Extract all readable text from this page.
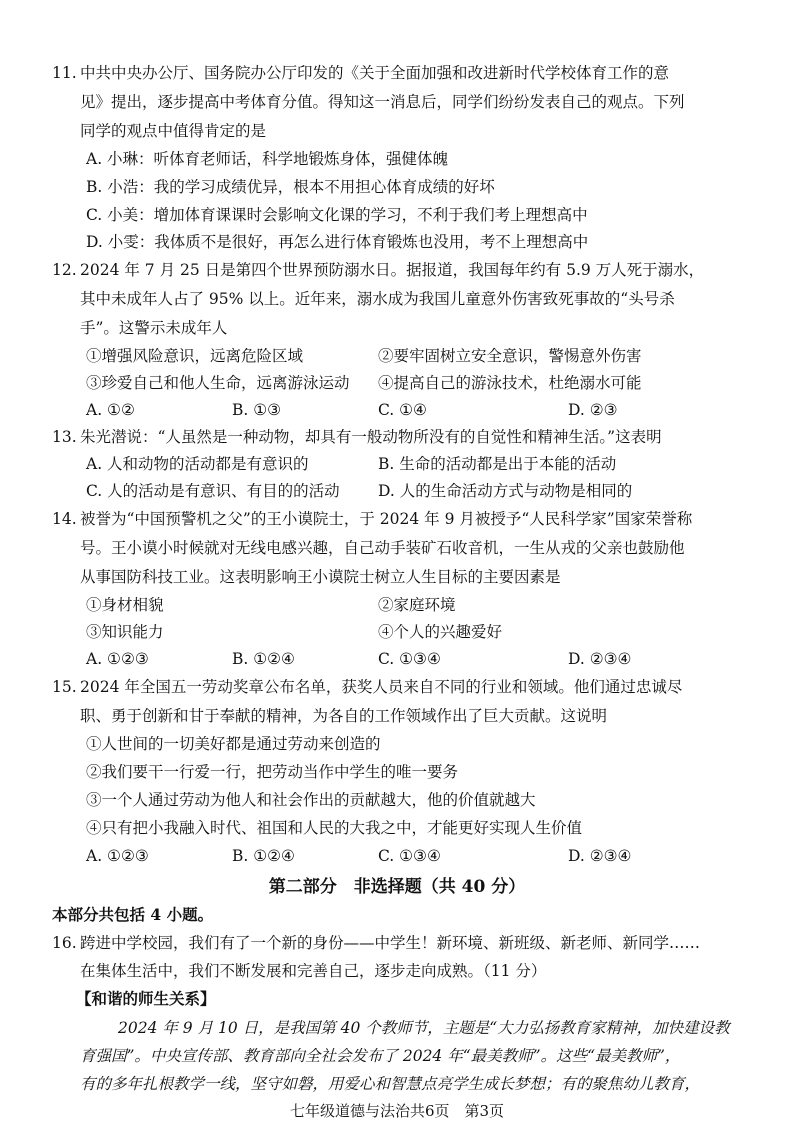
11. 中共中央办公厅、国务院办公厅印发的《关于全面加强和改进新时代学校体育工作的意
见》提出，逐步提高中考体育分值。得知这一消息后，同学们纷纷发表自己的观点。下列
同学的观点中值得肯定的是
A. 小琳：听体育老师话，科学地锻炼身体，强健体魄
B. 小浩：我的学习成绩优异，根本不用担心体育成绩的好坏
C. 小美：增加体育课课时会影响文化课的学习，不利于我们考上理想高中
D. 小雯：我体质不是很好，再怎么进行体育锻炼也没用，考不上理想高中
12. 2024 年 7 月 25 日是第四个世界预防溺水日。据报道，我国每年约有 5.9 万人死于溺水，
其中未成年人占了 95% 以上。近年来，溺水成为我国儿童意外伤害致死事故的“头号杀
手”。这警示未成年人
①增强风险意识，远离危险区域	②要牢固树立安全意识，警惕意外伤害
③珍爱自己和他人生命，远离游泳运动 ④提高自己的游泳技术，杜绝溺水可能
A. ①②	B. ①③	C. ①④	D. ②③
13. 朱光潜说：“人虽然是一种动物，却具有一般动物所没有的自觉性和精神生活。”这表明
A. 人和动物的活动都是有意识的	B. 生命的活动都是出于本能的活动
C. 人的活动是有意识、有目的的活动 D. 人的生命活动方式与动物是相同的
14. 被誉为“中国预警机之父”的王小谟院士，于 2024 年 9 月被授予“人民科学家”国家荣誉称
号。王小谟小时候就对无线电感兴趣，自己动手装矿石收音机，一生从戎的父亲也鼓励他
从事国防科技工业。这表明影响王小谟院士树立人生目标的主要因素是
①身材相貌	②家庭环境
③知识能力	④个人的兴趣爱好
A. ①②③	B. ①②④	C. ①③④	D. ②③④
15. 2024 年全国五一劳动奖章公布名单，获奖人员来自不同的行业和领域。他们通过忠诚尽
职、勇于创新和甘于奉献的精神，为各自的工作领域作出了巨大贡献。这说明
①人世间的一切美好都是通过劳动来创造的
②我们要干一行爱一行，把劳动当作中学生的唯一要务
③一个人通过劳动为他人和社会作出的贡献越大，他的价值就越大
④只有把小我融入时代、祖国和人民的大我之中，才能更好实现人生价值
A. ①②③	B. ①②④	C. ①③④	D. ②③④
第二部分　非选择题（共 40 分）
本部分共包括 4 小题。
16. 跨进中学校园，我们有了一个新的身份——中学生！新环境、新班级、新老师、新同学……
在集体生活中，我们不断发展和完善自己，逐步走向成熟。（11 分）
【和谐的师生关系】
2024 年 9 月 10 日，是我国第 40 个教师节，主题是“大力弘扬教育家精神，加快建设教
育强国”。中央宣传部、教育部向全社会发布了 2024 年“最美教师”。这些“最美教师”，
有的多年扎根教学一线，坚守如磐，用爱心和智慧点亮学生成长梦想；有的聚焦幼儿教育，
七年级道德与法治共6页　第3页
